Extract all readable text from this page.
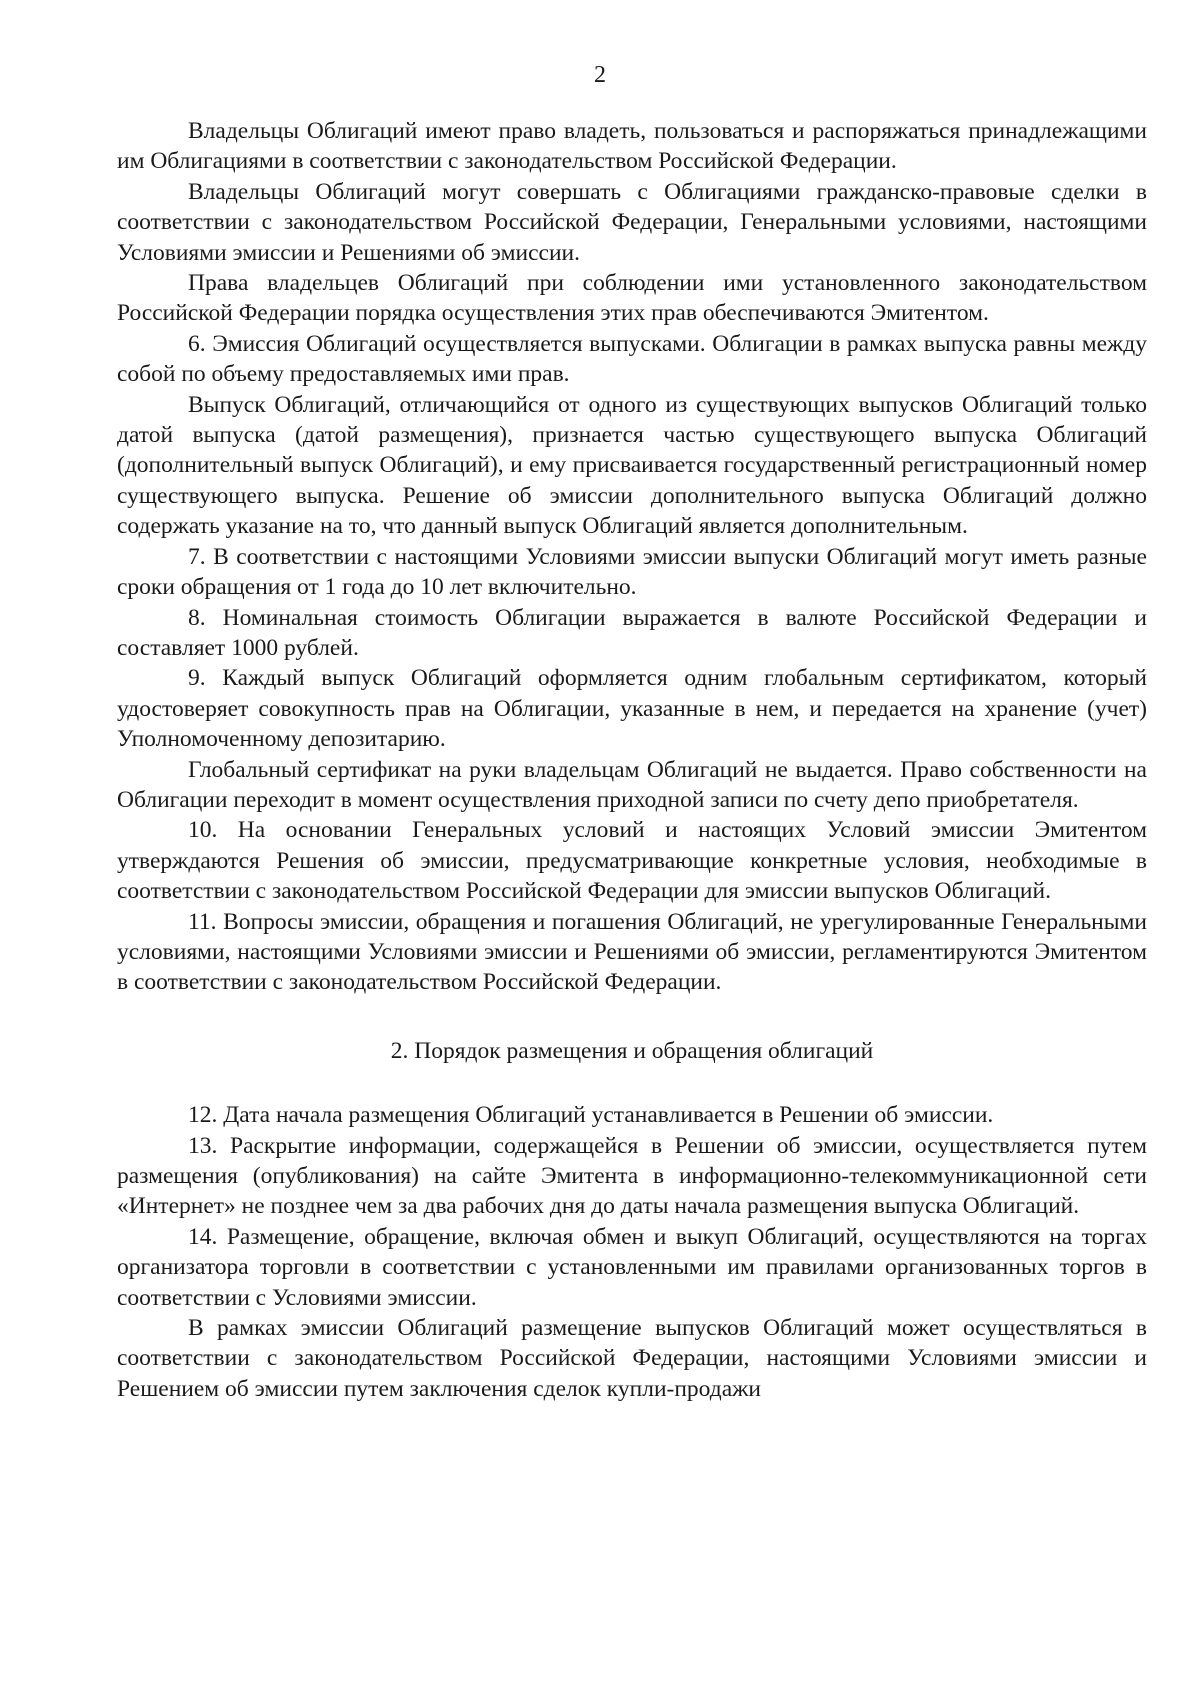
2

Владельцы Облигаций имеют право владеть, пользоваться и распоряжаться принадлежащими им Облигациями в соответствии с законодательством Российской Федерации.

Владельцы Облигаций могут совершать с Облигациями гражданско-правовые сделки в соответствии с законодательством Российской Федерации, Генеральными условиями, настоящими Условиями эмиссии и Решениями об эмиссии.

Права владельцев Облигаций при соблюдении ими установленного законодательством Российской Федерации порядка осуществления этих прав обеспечиваются Эмитентом.

6. Эмиссия Облигаций осуществляется выпусками. Облигации в рамках выпуска равны между собой по объему предоставляемых ими прав.

Выпуск Облигаций, отличающийся от одного из существующих выпусков Облигаций только датой выпуска (датой размещения), признается частью существующего выпуска Облигаций (дополнительный выпуск Облигаций), и ему присваивается государственный регистрационный номер существующего выпуска. Решение об эмиссии дополнительного выпуска Облигаций должно содержать указание на то, что данный выпуск Облигаций является дополнительным.

7. В соответствии с настоящими Условиями эмиссии выпуски Облигаций могут иметь разные сроки обращения от 1 года до 10 лет включительно.

8. Номинальная стоимость Облигации выражается в валюте Российской Федерации и составляет 1000 рублей.

9. Каждый выпуск Облигаций оформляется одним глобальным сертификатом, который удостоверяет совокупность прав на Облигации, указанные в нем, и передается на хранение (учет) Уполномоченному депозитарию.

Глобальный сертификат на руки владельцам Облигаций не выдается. Право собственности на Облигации переходит в момент осуществления приходной записи по счету депо приобретателя.

10. На основании Генеральных условий и настоящих Условий эмиссии Эмитентом утверждаются Решения об эмиссии, предусматривающие конкретные условия, необходимые в соответствии с законодательством Российской Федерации для эмиссии выпусков Облигаций.

11. Вопросы эмиссии, обращения и погашения Облигаций, не урегулированные Генеральными условиями, настоящими Условиями эмиссии и Решениями об эмиссии, регламентируются Эмитентом в соответствии с законодательством Российской Федерации.

2. Порядок размещения и обращения облигаций

12. Дата начала размещения Облигаций устанавливается в Решении об эмиссии.

13. Раскрытие информации, содержащейся в Решении об эмиссии, осуществляется путем размещения (опубликования) на сайте Эмитента в информационно-телекоммуникационной сети «Интернет» не позднее чем за два рабочих дня до даты начала размещения выпуска Облигаций.

14. Размещение, обращение, включая обмен и выкуп Облигаций, осуществляются на торгах организатора торговли в соответствии с установленными им правилами организованных торгов в соответствии с Условиями эмиссии.

В рамках эмиссии Облигаций размещение выпусков Облигаций может осуществляться в соответствии с законодательством Российской Федерации, настоящими Условиями эмиссии и Решением об эмиссии путем заключения сделок купли-продажи
